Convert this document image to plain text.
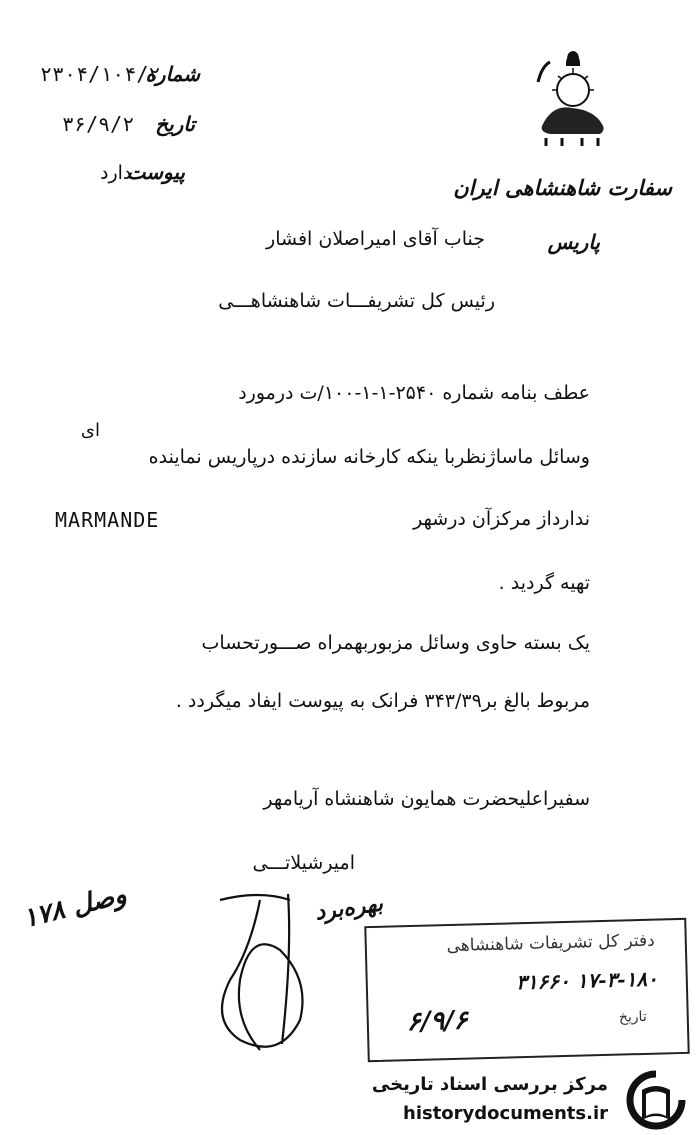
شماره
۲۳۰۴/۱۰۴/۲
تاریخ
۳۶/۹/۲
پیوست
دارد
سفارت شاهنشاهی ایران
پاریس
جناب آقای امیراصلان افشار
رئیس کل تشریفـــات شاهنشاهـــی
عطف بنامه شماره ۲۵۴۰-۱-۱-۱۰۰/ت درمورد
ای
وسائل ماساژنظربا ینکه کارخانه سازنده درپاریس نماینده
ندارداز مرکزآن درشهر
MARMANDE
تهیه گردید .
یک بسته حاوی وسائل مزبوربهمراه صـــورتحساب
مربوط بالغ بر۳۴۳/۳۹ فرانک به پیوست ایفاد میگردد .
سفیراعلیحضرت همایون شاهنشاه آریامهر
امیرشیلاتـــی
وصل ۱۷۸	بهره‌برد
دفتر کل تشریفات شاهنشاهی
۳۱۶۶۰ ۱۷-۳-۱۸۰
تاریخ
۶/۹/۶
مرکز بررسی اسناد تاریخی
historydocuments.ir
